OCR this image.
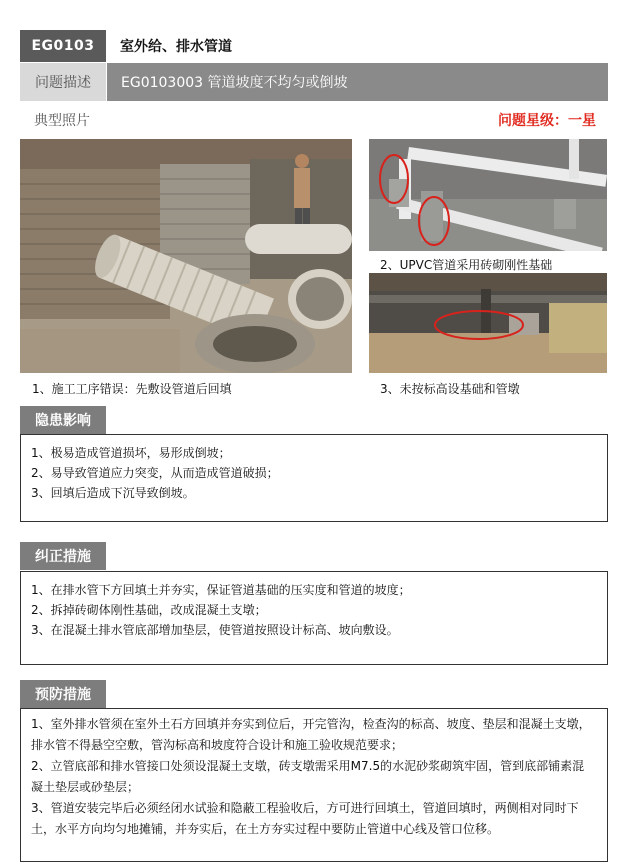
EG0103	室外给、排水管道
问题描述	EG0103003 管道坡度不均匀或倒坡
典型照片	问题星级：一星
2、UPVC管道采用砖砌刚性基础
1、施工工序错误：先敷设管道后回填	3、未按标高设基础和管墩
隐患影响

1、极易造成管道损坏，易形成倒坡；

2、易导致管道应力突变，从而造成管道破损；

3、回填后造成下沉导致倒坡。

纠正措施

1、在排水管下方回填土并夯实，保证管道基础的压实度和管道的坡度；

2、拆掉砖砌体刚性基础，改成混凝土支墩；

3、在混凝土排水管底部增加垫层，使管道按照设计标高、坡向敷设。

预防措施

1、室外排水管须在室外土石方回填并夯实到位后，开完管沟，检查沟的标高、坡度、垫层和混凝土支墩，排水管不得悬空空敷，管沟标高和坡度符合设计和施工验收规范要求；

2、立管底部和排水管接口处须设混凝土支墩，砖支墩需采用M7.5的水泥砂浆砌筑牢固，管到底部铺素混凝土垫层或砂垫层；

3、管道安装完毕后必须经闭水试验和隐蔽工程验收后，方可进行回填土，管道回填时，两侧相对同时下土，水平方向均匀地摊铺，并夯实后，在土方夯实过程中要防止管道中心线及管口位移。
